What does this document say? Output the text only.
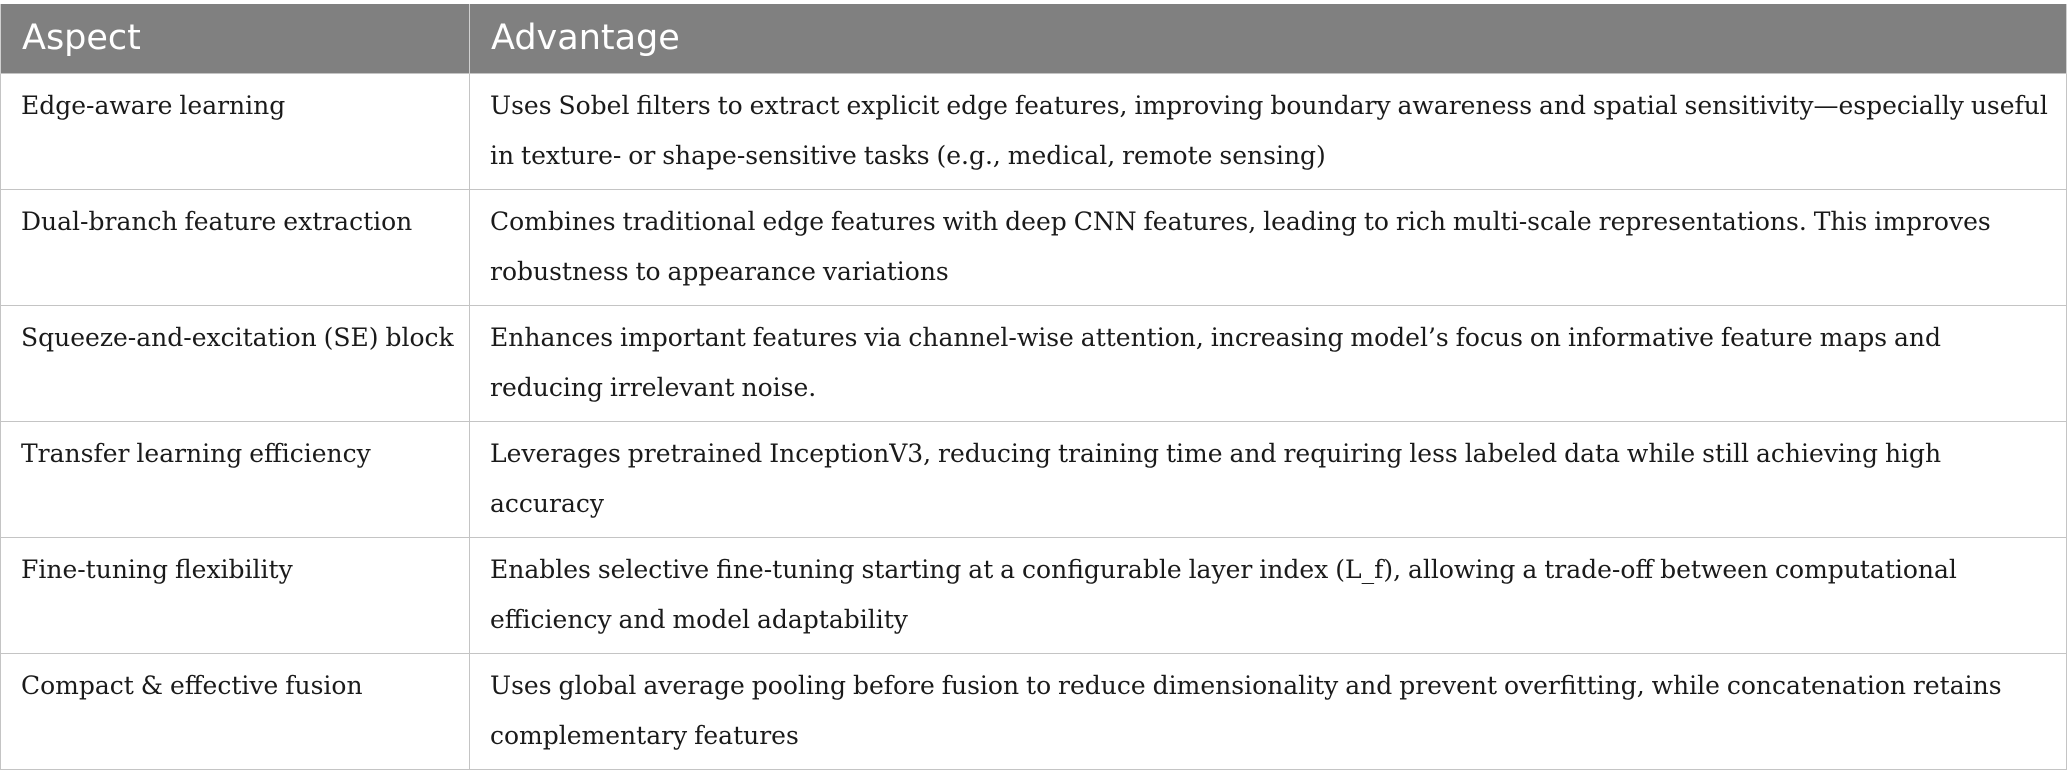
Aspect	Advantage
Edge-aware learning	Uses Sobel filters to extract explicit edge features, improving boundary awareness and spatial sensitivity—especially useful in texture- or shape-sensitive tasks (e.g., medical, remote sensing)
Dual-branch feature extraction	Combines traditional edge features with deep CNN features, leading to rich multi-scale representations. This improves robustness to appearance variations
Squeeze-and-excitation (SE) block	Enhances important features via channel-wise attention, increasing model’s focus on informative feature maps and reducing irrelevant noise.
Transfer learning efficiency	Leverages pretrained InceptionV3, reducing training time and requiring less labeled data while still achieving high accuracy
Fine-tuning flexibility	Enables selective fine-tuning starting at a configurable layer index (L_f), allowing a trade-off between computational efficiency and model adaptability
Compact & effective fusion	Uses global average pooling before fusion to reduce dimensionality and prevent overfitting, while concatenation retains complementary features
